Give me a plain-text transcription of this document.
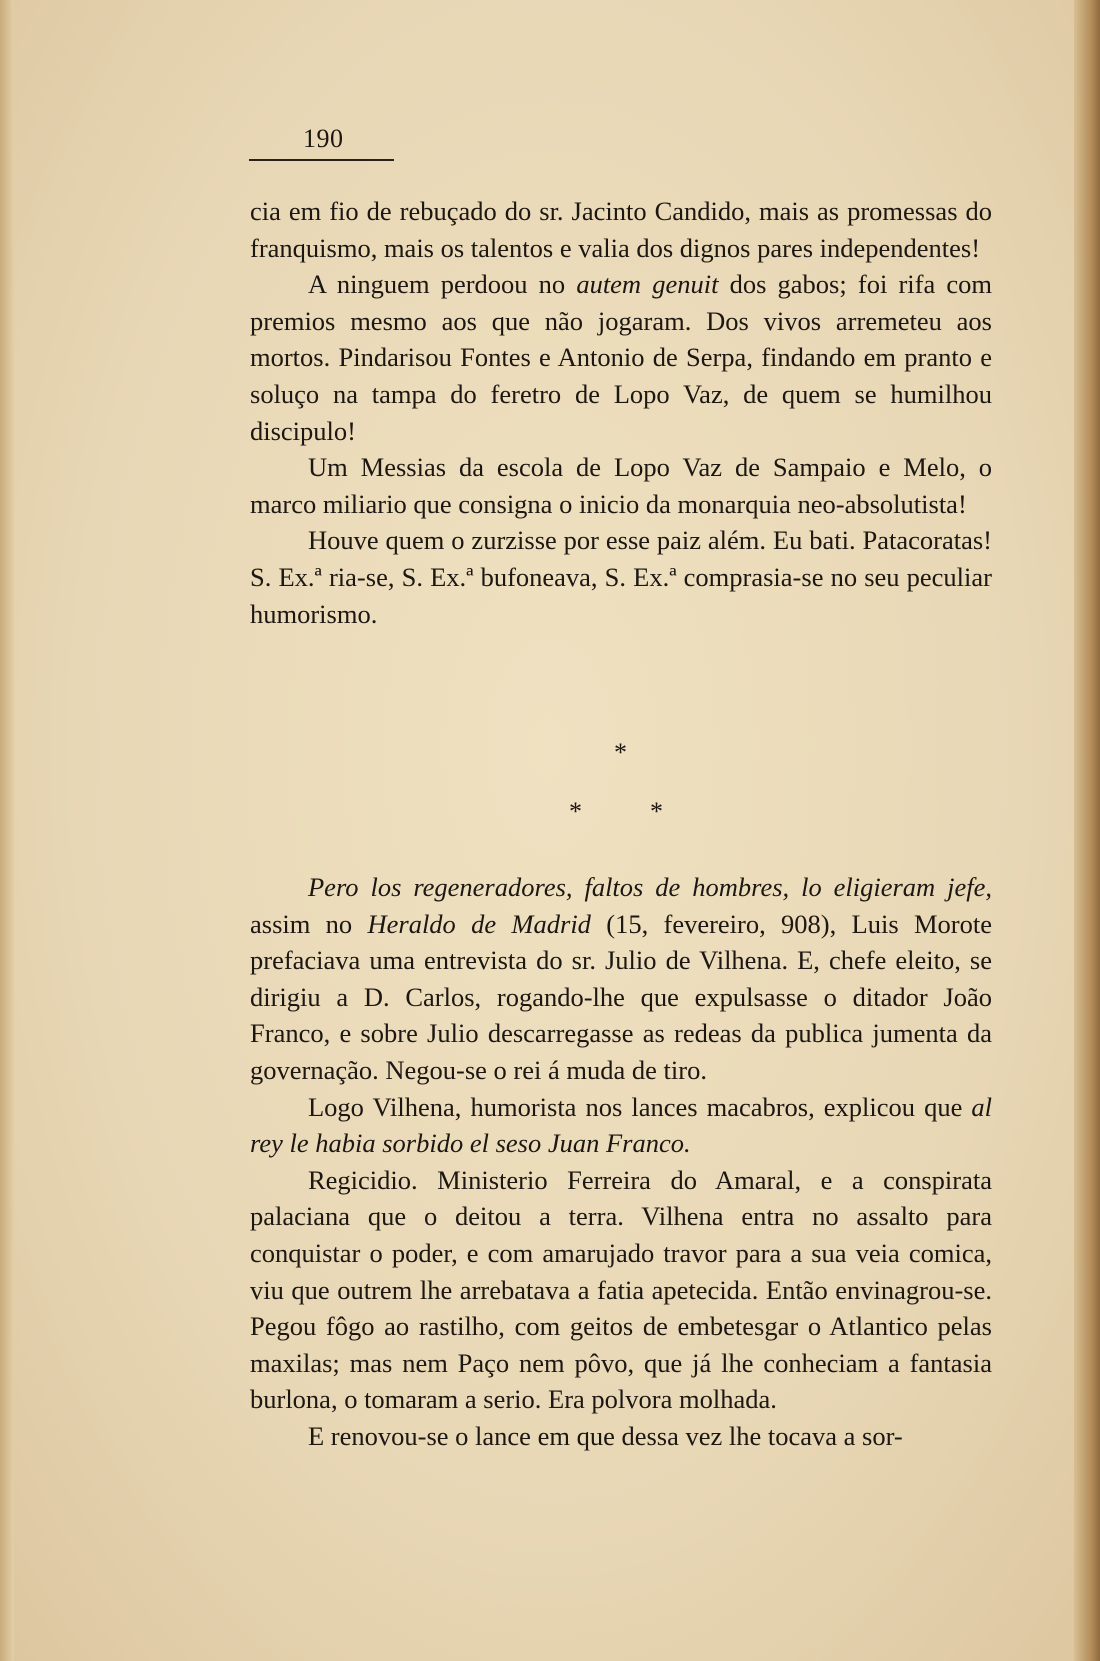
190

cia em fio de rebuçado do sr. Jacinto Candido, mais as promessas do franquismo, mais os talentos e valia dos dignos pares independentes!

A ninguem perdoou no autem genuit dos gabos; foi rifa com premios mesmo aos que não jogaram. Dos vivos arremeteu aos mortos. Pindarisou Fontes e Antonio de Serpa, findando em pranto e soluço na tampa do feretro de Lopo Vaz, de quem se humilhou discipulo!

Um Messias da escola de Lopo Vaz de Sampaio e Melo, o marco miliario que consigna o inicio da monarquia neo-absolutista!

Houve quem o zurzisse por esse paiz além. Eu bati. Patacoratas! S. Ex.ª ria-se, S. Ex.ª bufoneava, S. Ex.ª comprasia-se no seu peculiar humorismo.

*
*	*

Pero los regeneradores, faltos de hombres, lo eligieram jefe, assim no Heraldo de Madrid (15, fevereiro, 908), Luis Morote prefaciava uma entrevista do sr. Julio de Vilhena. E, chefe eleito, se dirigiu a D. Carlos, rogando-lhe que expulsasse o ditador João Franco, e sobre Julio descarregasse as redeas da publica jumenta da governação. Negou-se o rei á muda de tiro.

Logo Vilhena, humorista nos lances macabros, explicou que al rey le habia sorbido el seso Juan Franco.

Regicidio. Ministerio Ferreira do Amaral, e a conspirata palaciana que o deitou a terra. Vilhena entra no assalto para conquistar o poder, e com amarujado travor para a sua veia comica, viu que outrem lhe arrebatava a fatia apetecida. Então envinagrou-se. Pegou fôgo ao rastilho, com geitos de embetesgar o Atlantico pelas maxilas; mas nem Paço nem pôvo, que já lhe conheciam a fantasia burlona, o tomaram a serio. Era polvora molhada.

E renovou-se o lance em que dessa vez lhe tocava a sor-
